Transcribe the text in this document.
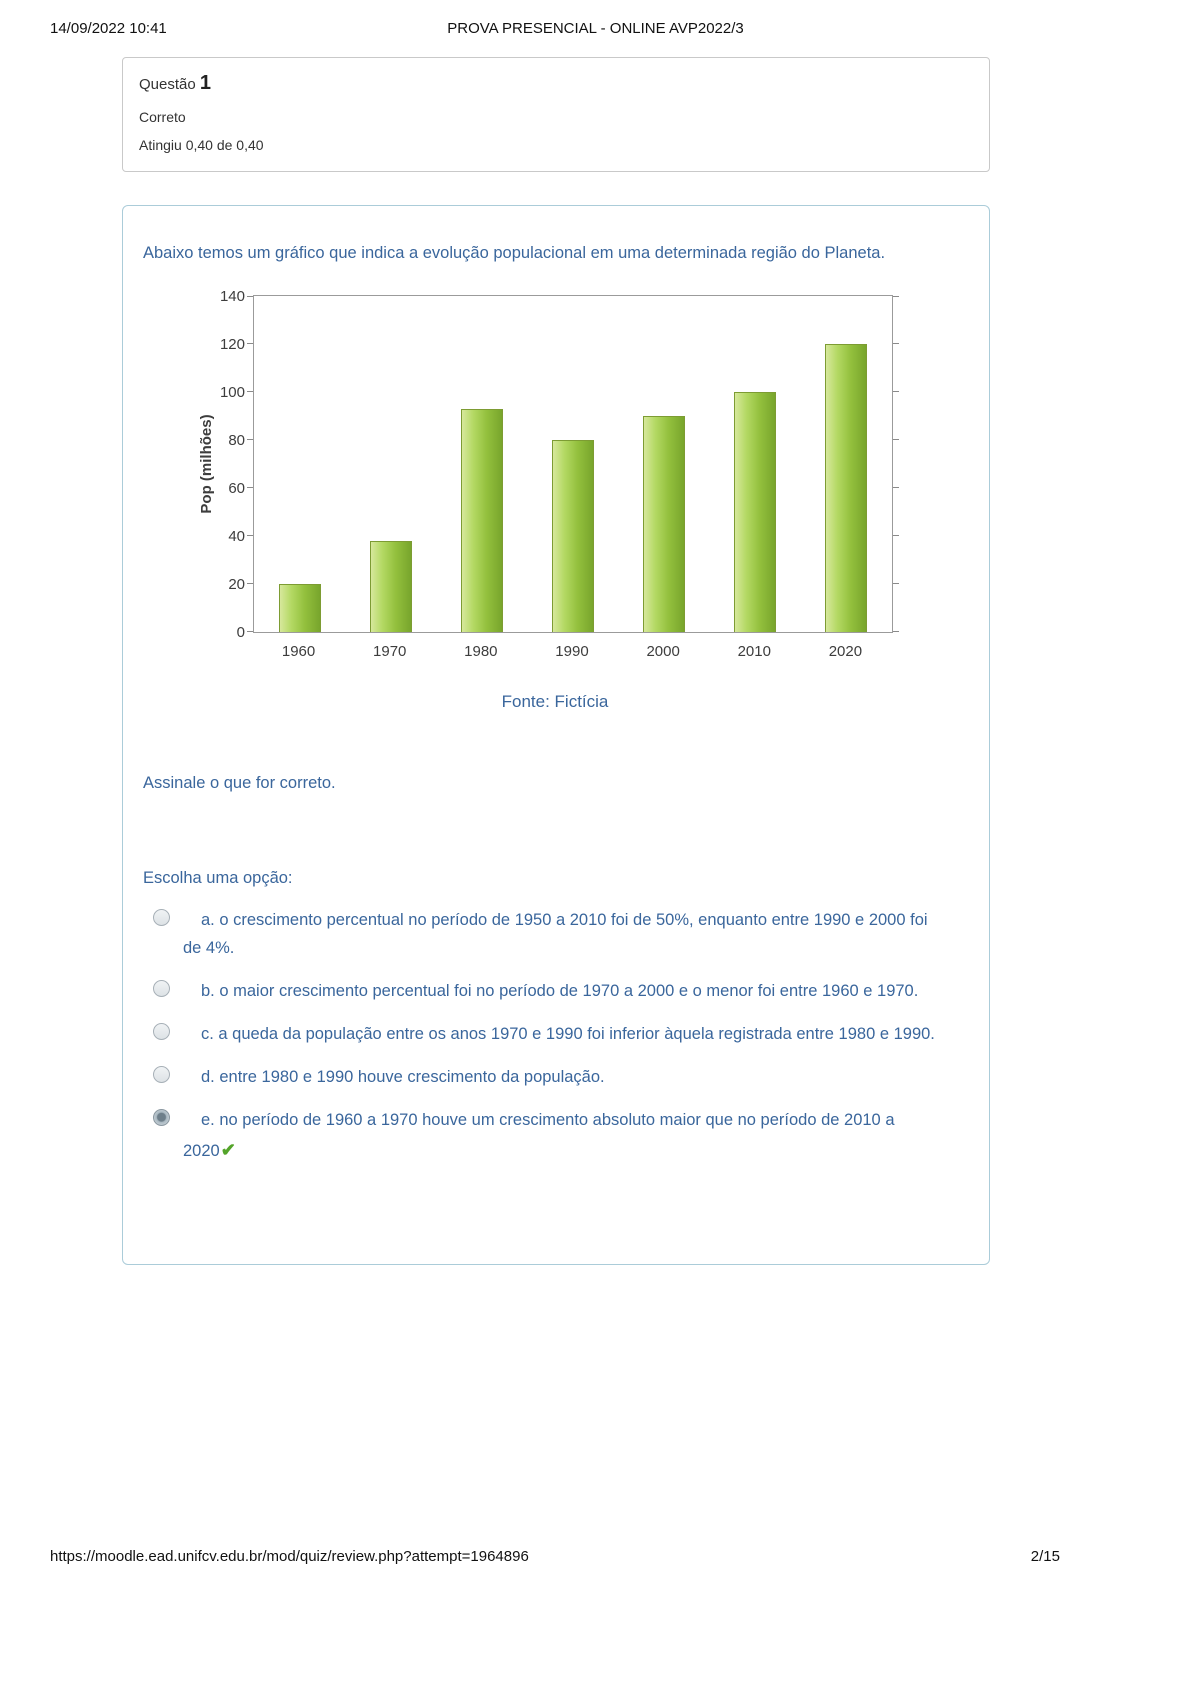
14/09/2022 10:41	PROVA PRESENCIAL - ONLINE AVP2022/3
Questão 1
Correto
Atingiu 0,40 de 0,40

Abaixo temos um gráfico que indica a evolução populacional em uma determinada região do Planeta.

Pop (milhões)
0
20
40
60
80
100
120
140
1960	1970	1980	1990	2000	2010	2020

Fonte: Fictícia

Assinale o que for correto.

Escolha uma opção:

a. o crescimento percentual no período de 1950 a 2010 foi de 50%, enquanto entre 1990 e 2000 foi de 4%.
b. o maior crescimento percentual foi no período de 1970 a 2000 e o menor foi entre 1960 e 1970.
c. a queda da população entre os anos 1970 e 1990 foi inferior àquela registrada entre 1980 e 1990.
d. entre 1980 e 1990 houve crescimento da população.
e. no período de 1960 a 1970 houve um crescimento absoluto maior que no período de 2010 a 2020✔
https://moodle.ead.unifcv.edu.br/mod/quiz/review.php?attempt=1964896	2/15
